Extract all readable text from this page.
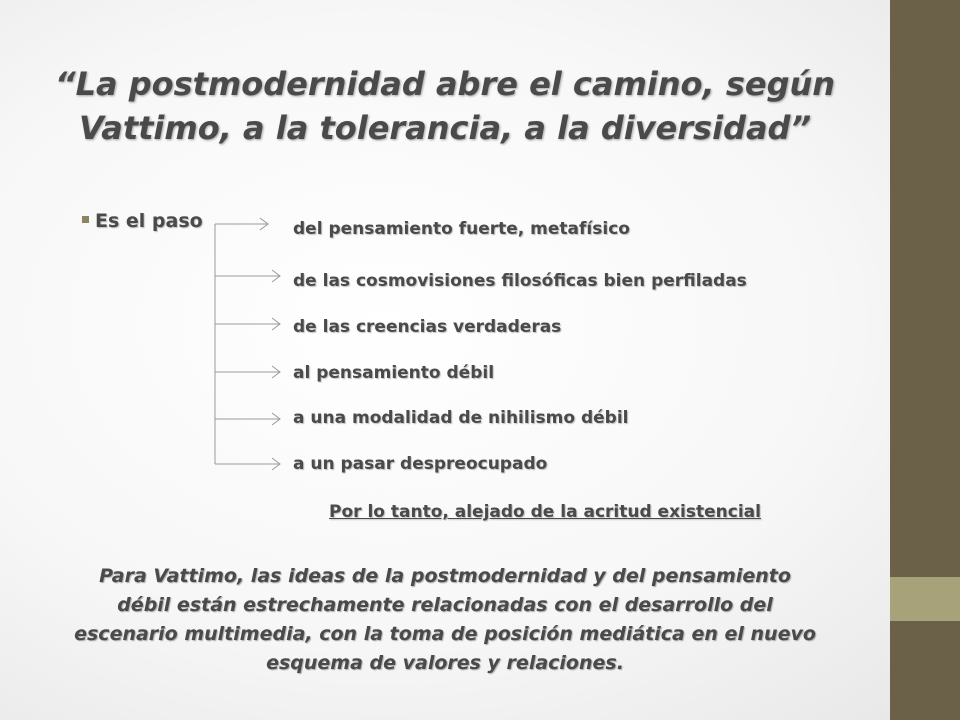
“La postmodernidad abre el camino, según Vattimo, a la tolerancia, a la diversidad”
Es el paso	del pensamiento fuerte, metafísico
de las cosmovisiones filosóficas bien perfiladas
de las creencias verdaderas
al pensamiento débil
a una modalidad de nihilismo débil
a un pasar despreocupado
Por lo tanto, alejado de la acritud existencial
Para Vattimo, las ideas de la postmodernidad y del pensamiento débil están estrechamente relacionadas con el desarrollo del escenario multimedia, con la toma de posición mediática en el nuevo esquema de valores y relaciones.
